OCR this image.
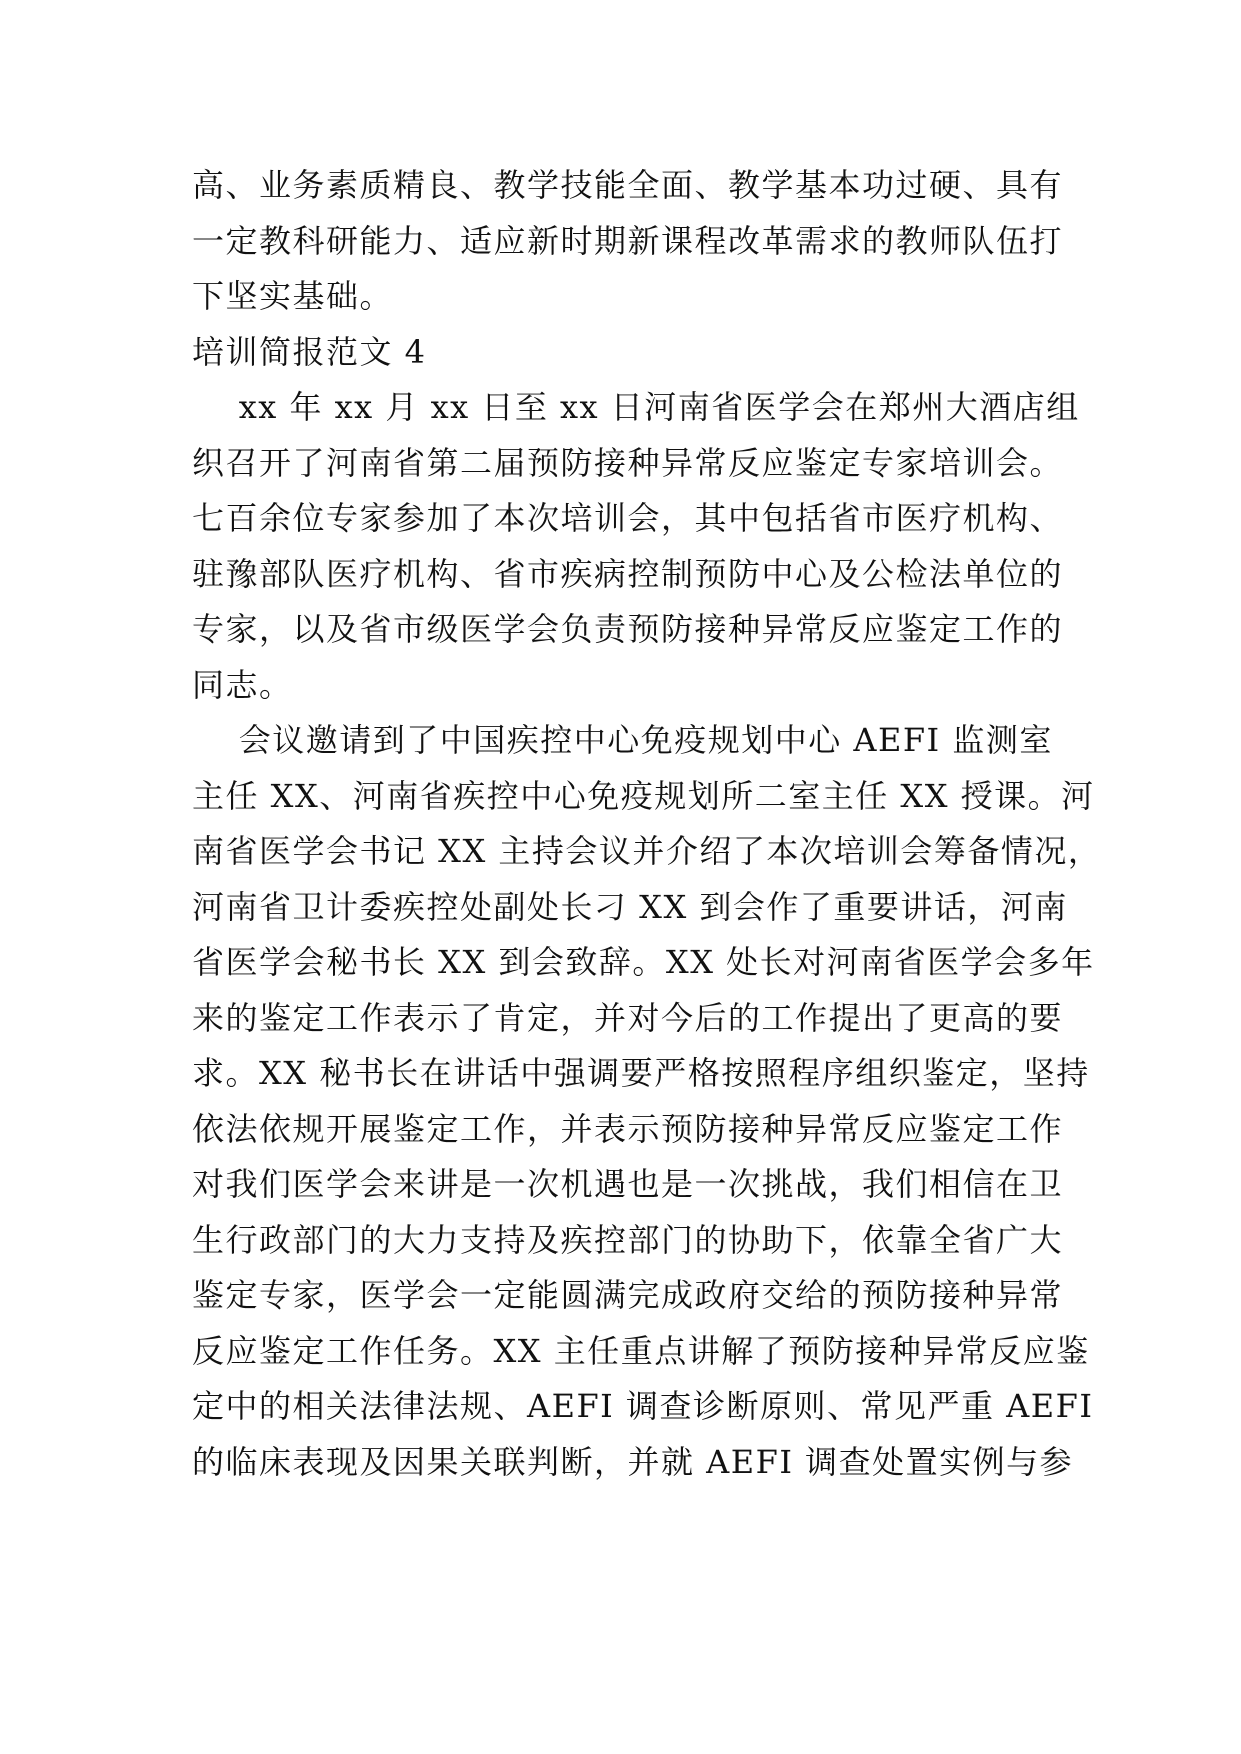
高、业务素质精良、教学技能全面、教学基本功过硬、具有
一定教科研能力、适应新时期新课程改革需求的教师队伍打
下坚实基础。
培训简报范文 4
xx 年 xx 月 xx 日至 xx 日河南省医学会在郑州大酒店组
织召开了河南省第二届预防接种异常反应鉴定专家培训会。
七百余位专家参加了本次培训会，其中包括省市医疗机构、
驻豫部队医疗机构、省市疾病控制预防中心及公检法单位的
专家，以及省市级医学会负责预防接种异常反应鉴定工作的
同志。
会议邀请到了中国疾控中心免疫规划中心 AEFI 监测室
主任 XX、河南省疾控中心免疫规划所二室主任 XX 授课。河
南省医学会书记 XX 主持会议并介绍了本次培训会筹备情况，
河南省卫计委疾控处副处长刁 XX 到会作了重要讲话，河南
省医学会秘书长 XX 到会致辞。XX 处长对河南省医学会多年
来的鉴定工作表示了肯定，并对今后的工作提出了更高的要
求。XX 秘书长在讲话中强调要严格按照程序组织鉴定，坚持
依法依规开展鉴定工作，并表示预防接种异常反应鉴定工作
对我们医学会来讲是一次机遇也是一次挑战，我们相信在卫
生行政部门的大力支持及疾控部门的协助下，依靠全省广大
鉴定专家，医学会一定能圆满完成政府交给的预防接种异常
反应鉴定工作任务。XX 主任重点讲解了预防接种异常反应鉴
定中的相关法律法规、AEFI 调查诊断原则、常见严重 AEFI
的临床表现及因果关联判断，并就 AEFI 调查处置实例与参
